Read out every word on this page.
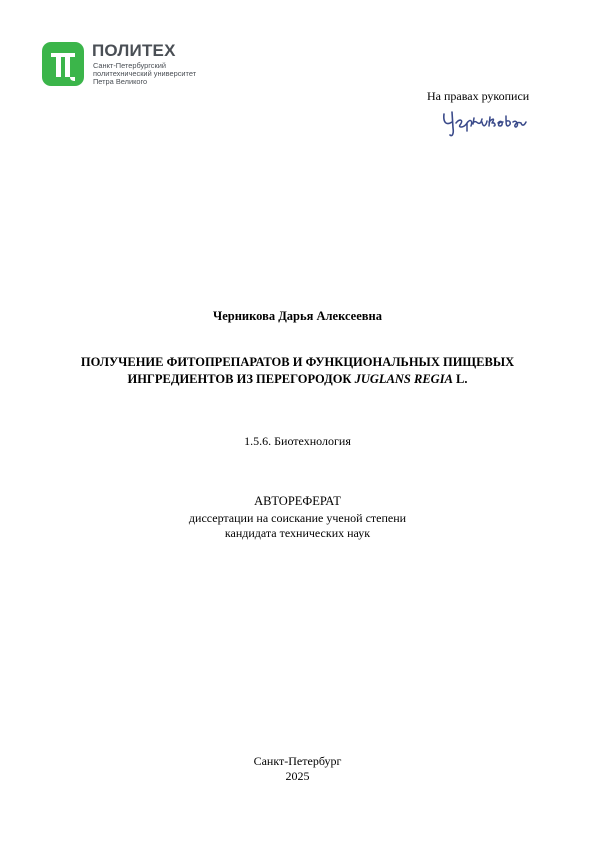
ПОЛИТЕХ
Санкт-Петербургский
политехнический университет
Петра Великого
На правах рукописи
Черникова Дарья Алексеевна
ПОЛУЧЕНИЕ ФИТОПРЕПАРАТОВ И ФУНКЦИОНАЛЬНЫХ ПИЩЕВЫХ
ИНГРЕДИЕНТОВ ИЗ ПЕРЕГОРОДОК JUGLANS REGIA L.
1.5.6. Биотехнология
АВТОРЕФЕРАТ
диссертации на соискание ученой степени
кандидата технических наук
Санкт-Петербург
2025
